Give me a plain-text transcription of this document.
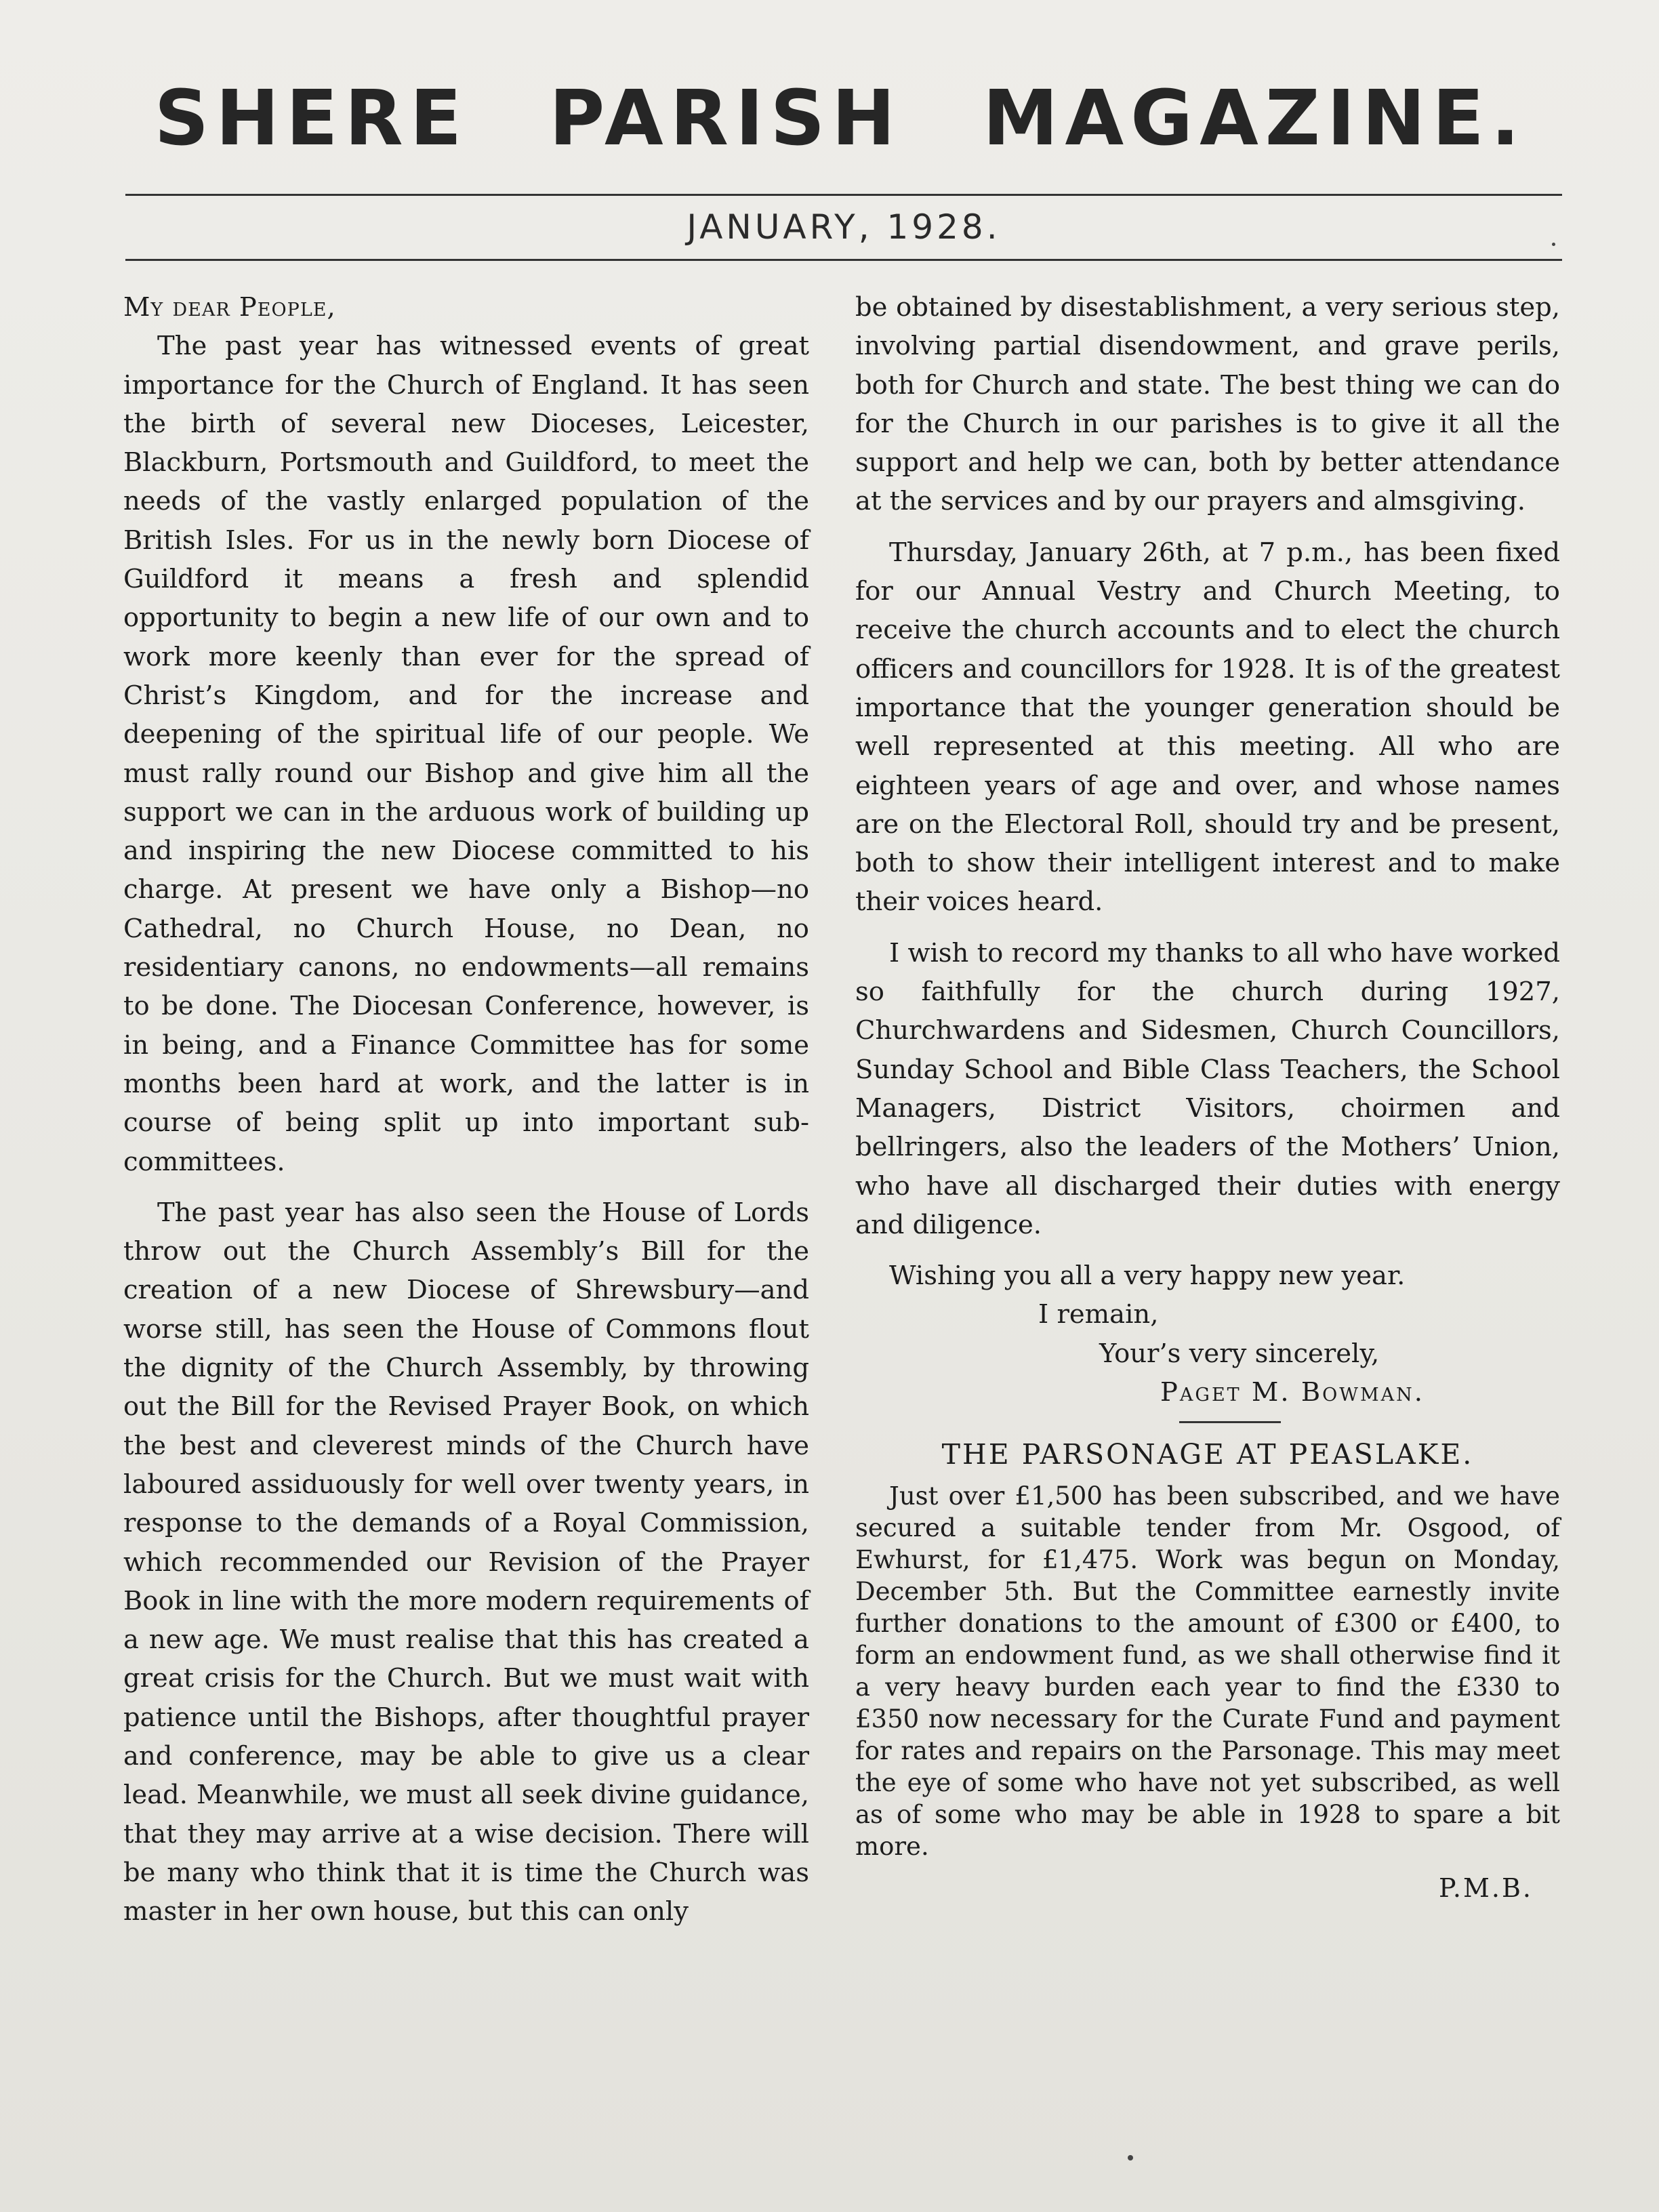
SHERE PARISH MAGAZINE.
JANUARY, 1928.

My dear People,

The past year has witnessed events of great importance for the Church of England. It has seen the birth of several new Dioceses, Leicester, Blackburn, Portsmouth and Guildford, to meet the needs of the vastly enlarged population of the British Isles. For us in the newly born Diocese of Guildford it means a fresh and splendid opportunity to begin a new life of our own and to work more keenly than ever for the spread of Christ’s Kingdom, and for the increase and deepening of the spiritual life of our people. We must rally round our Bishop and give him all the support we can in the arduous work of building up and inspiring the new Diocese committed to his charge. At present we have only a Bishop—no Cathedral, no Church House, no Dean, no residentiary canons, no endowments—all remains to be done. The Diocesan Conference, however, is in being, and a Finance Committee has for some months been hard at work, and the latter is in course of being split up into important sub-committees.

The past year has also seen the House of Lords throw out the Church Assembly’s Bill for the creation of a new Diocese of Shrewsbury—and worse still, has seen the House of Commons flout the dignity of the Church Assembly, by throwing out the Bill for the Revised Prayer Book, on which the best and cleverest minds of the Church have laboured assiduously for well over twenty years, in response to the demands of a Royal Commission, which recommended our Revision of the Prayer Book in line with the more modern requirements of a new age. We must realise that this has created a great crisis for the Church. But we must wait with patience until the Bishops, after thoughtful prayer and conference, may be able to give us a clear lead. Meanwhile, we must all seek divine guidance, that they may arrive at a wise decision. There will be many who think that it is time the Church was master in her own house, but this can only

be obtained by disestablishment, a very serious step, involving partial disendowment, and grave perils, both for Church and state. The best thing we can do for the Church in our parishes is to give it all the support and help we can, both by better attendance at the services and by our prayers and almsgiving.

Thursday, January 26th, at 7 p.m., has been fixed for our Annual Vestry and Church Meeting, to receive the church accounts and to elect the church officers and councillors for 1928. It is of the greatest importance that the younger generation should be well represented at this meeting. All who are eighteen years of age and over, and whose names are on the Electoral Roll, should try and be present, both to show their intelligent interest and to make their voices heard.

I wish to record my thanks to all who have worked so faithfully for the church during 1927, Churchwardens and Sidesmen, Church Councillors, Sunday School and Bible Class Teachers, the School Managers, District Visitors, choirmen and bellringers, also the leaders of the Mothers’ Union, who have all discharged their duties with energy and diligence.

Wishing you all a very happy new year.

I remain,

Your’s very sincerely,

Paget M. Bowman.

THE PARSONAGE AT PEASLAKE.

Just over £1,500 has been subscribed, and we have secured a suitable tender from Mr. Osgood, of Ewhurst, for £1,475. Work was begun on Monday, December 5th. But the Committee earnestly invite further donations to the amount of £300 or £400, to form an endowment fund, as we shall otherwise find it a very heavy burden each year to find the £330 to £350 now necessary for the Curate Fund and payment for rates and repairs on the Parsonage. This may meet the eye of some who have not yet subscribed, as well as of some who may be able in 1928 to spare a bit more.

P.M.B.
